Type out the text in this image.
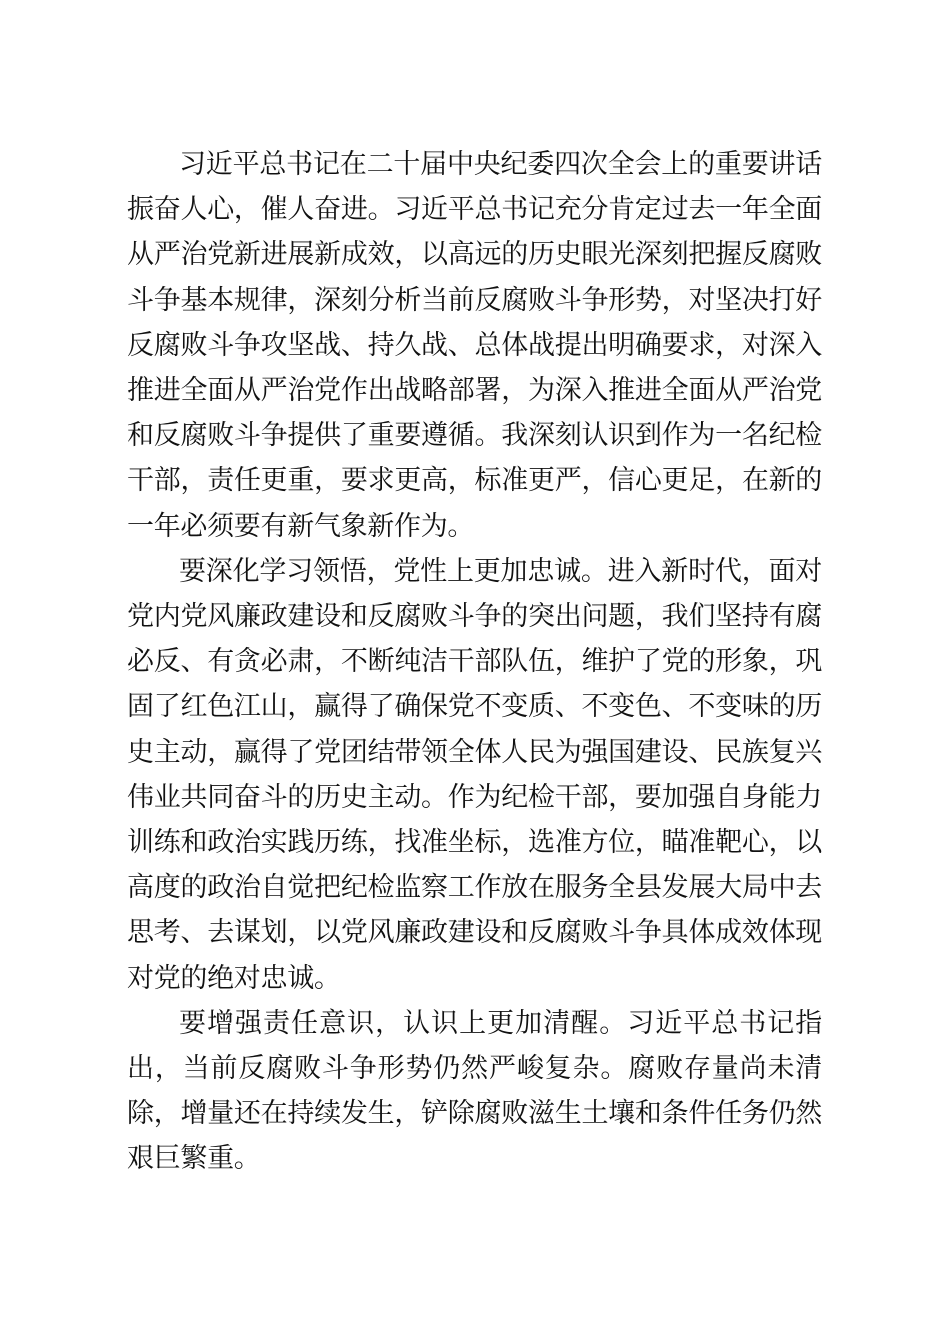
习近平总书记在二十届中央纪委四次全会上的重要讲话振奋人心，催人奋进。习近平总书记充分肯定过去一年全面从严治党新进展新成效，以高远的历史眼光深刻把握反腐败斗争基本规律，深刻分析当前反腐败斗争形势，对坚决打好反腐败斗争攻坚战、持久战、总体战提出明确要求，对深入推进全面从严治党作出战略部署，为深入推进全面从严治党和反腐败斗争提供了重要遵循。我深刻认识到作为一名纪检干部，责任更重，要求更高，标准更严，信心更足，在新的一年必须要有新气象新作为。

要深化学习领悟，党性上更加忠诚。进入新时代，面对党内党风廉政建设和反腐败斗争的突出问题，我们坚持有腐必反、有贪必肃，不断纯洁干部队伍，维护了党的形象，巩固了红色江山，赢得了确保党不变质、不变色、不变味的历史主动，赢得了党团结带领全体人民为强国建设、民族复兴伟业共同奋斗的历史主动。作为纪检干部，要加强自身能力训练和政治实践历练，找准坐标，选准方位，瞄准靶心，以高度的政治自觉把纪检监察工作放在服务全县发展大局中去思考、去谋划，以党风廉政建设和反腐败斗争具体成效体现对党的绝对忠诚。

要增强责任意识，认识上更加清醒。习近平总书记指出，当前反腐败斗争形势仍然严峻复杂。腐败存量尚未清除，增量还在持续发生，铲除腐败滋生土壤和条件任务仍然艰巨繁重。
